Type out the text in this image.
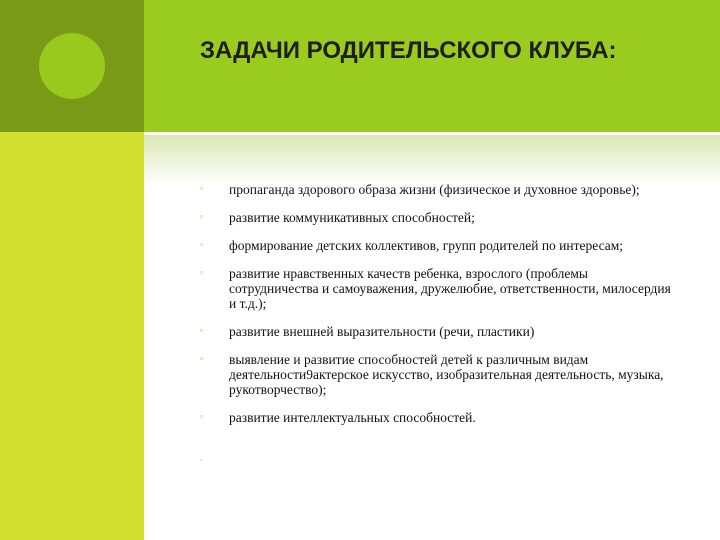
ЗАДАЧИ РОДИТЕЛЬСКОГО КЛУБА:
▫ пропаганда здорового образа жизни (физическое и духовное здоровье);
▫ развитие коммуникативных способностей;
▫ формирование детских коллективов, групп родителей по интересам;
▫ развитие нравственных качеств ребенка, взрослого (проблемы сотрудничества и самоуважения, дружелюбие, ответственности, милосердия и т.д.);
▫ развитие внешней выразительности (речи, пластики)
▫ выявление и развитие способностей детей к различным видам деятельности9актерское искусство, изобразительная деятельность, музыка, рукотворчество);
▫ развитие интеллектуальных способностей.
▫
